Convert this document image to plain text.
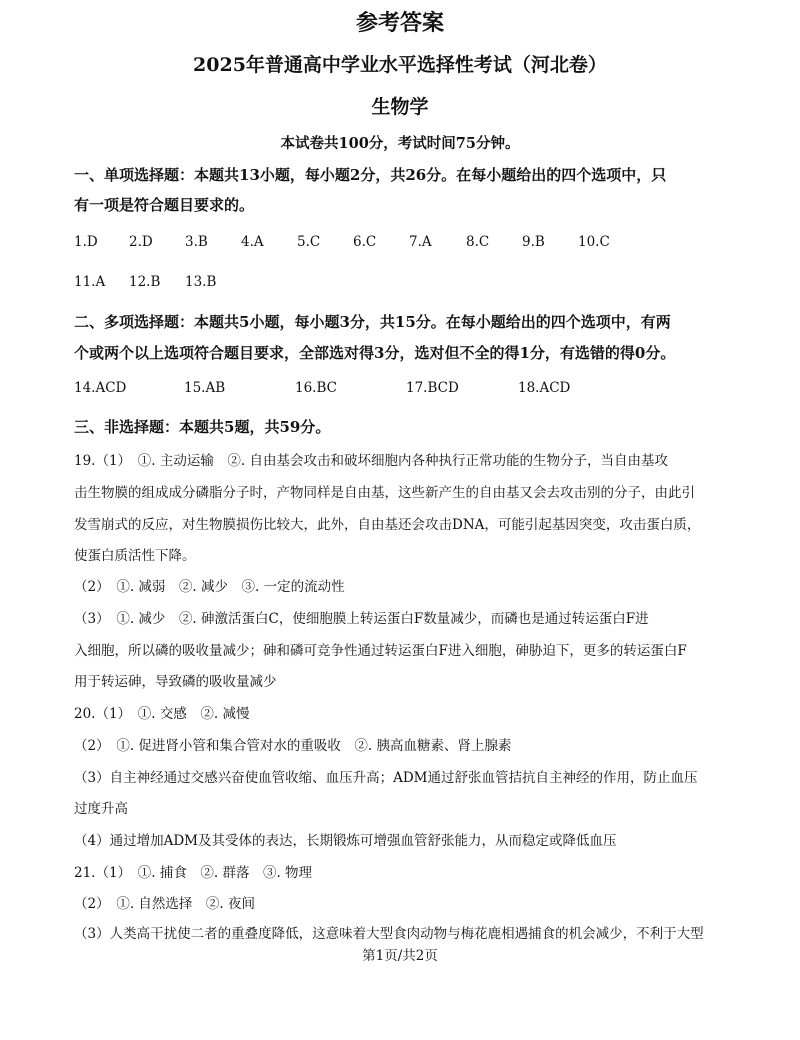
参考答案
2025年普通高中学业水平选择性考试（河北卷）
生物学
本试卷共100分，考试时间75分钟。
一、单项选择题：本题共13小题，每小题2分，共26分。在每小题给出的四个选项中，只
有一项是符合题目要求的。
1.D	2.D	3.B	4.A	5.C	6.C	7.A	8.C	9.B	10.C
11.A	12.B	13.B
二、多项选择题：本题共5小题，每小题3分，共15分。在每小题给出的四个选项中，有两
个或两个以上选项符合题目要求，全部选对得3分，选对但不全的得1分，有选错的得0分。
14.ACD	15.AB	16.BC	17.BCD	18.ACD
三、非选择题：本题共5题，共59分。
19.（1）　①. 主动运输　②. 自由基会攻击和破坏细胞内各种执行正常功能的生物分子，当自由基攻
击生物膜的组成成分磷脂分子时，产物同样是自由基，这些新产生的自由基又会去攻击别的分子，由此引
发雪崩式的反应，对生物膜损伤比较大，此外，自由基还会攻击DNA，可能引起基因突变，攻击蛋白质，
使蛋白质活性下降。
（2）　①. 减弱　②. 减少　③. 一定的流动性
（3）　①. 减少　②. 砷激活蛋白C，使细胞膜上转运蛋白F数量减少，而磷也是通过转运蛋白F进
入细胞，所以磷的吸收量减少；砷和磷可竞争性通过转运蛋白F进入细胞，砷胁迫下，更多的转运蛋白F
用于转运砷，导致磷的吸收量减少
20.（1）　①. 交感　②. 减慢
（2）　①. 促进肾小管和集合管对水的重吸收　②. 胰高血糖素、肾上腺素
（3）自主神经通过交感兴奋使血管收缩、血压升高；ADM通过舒张血管拮抗自主神经的作用，防止血压
过度升高
（4）通过增加ADM及其受体的表达，长期锻炼可增强血管舒张能力，从而稳定或降低血压
21.（1）　①. 捕食　②. 群落　③. 物理
（2）　①. 自然选择　②. 夜间
（3）人类高干扰使二者的重叠度降低，这意味着大型食肉动物与梅花鹿相遇捕食的机会减少，不利于大型
第1页/共2页
